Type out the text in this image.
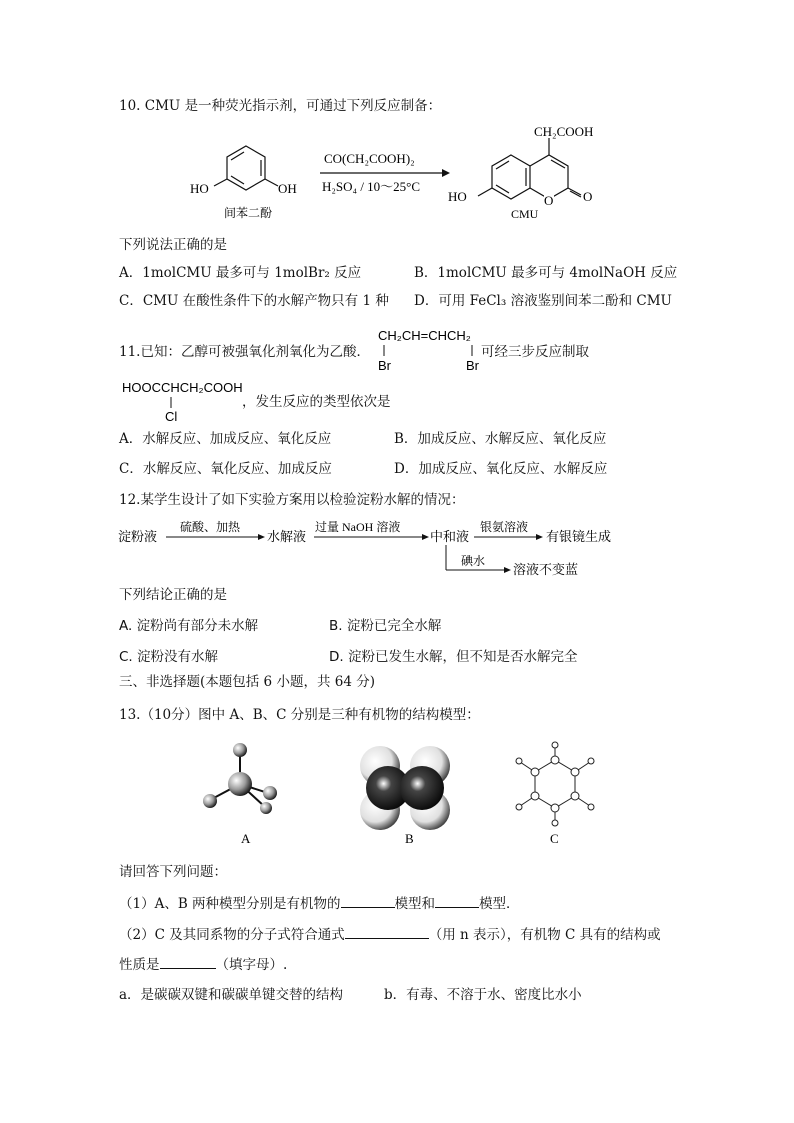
10. CMU 是一种荧光指示剂，可通过下列反应制备：
HO	OH
间苯二酚
CO(CH₂COOH)₂
H₂SO₄ / 10～25°C
CH₂COOH
HO	O O
CMU
下列说法正确的是
A．1molCMU 最多可与 1molBr₂ 反应	B．1molCMU 最多可与 4molNaOH 反应
C．CMU 在酸性条件下的水解产物只有 1 种 D．可用 FeCl₃ 溶液鉴别间苯二酚和 CMU
11.已知：乙醇可被强氧化剂氧化为乙酸．
CH₂CH=CHCH₂
Br	Br
可经三步反应制取
HOOCCHCH₂COOH
Cl
，发生反应的类型依次是
A．水解反应、加成反应、氧化反应	B．加成反应、水解反应、氧化反应
C．水解反应、氧化反应、加成反应	D．加成反应、氧化反应、水解反应
12.某学生设计了如下实验方案用以检验淀粉水解的情况：
淀粉液
硫酸、加热
水解液
过量 NaOH 溶液
中和液
银氨溶液
有银镜生成
碘水
溶液不变蓝
下列结论正确的是
A. 淀粉尚有部分未水解	B. 淀粉已完全水解
C. 淀粉没有水解	D. 淀粉已发生水解，但不知是否水解完全
三、非选择题(本题包括 6 小题，共 64 分)
13.（10分）图中 A、B、C 分别是三种有机物的结构模型：
A	B	C
请回答下列问题：
（1）A、B 两种模型分别是有机物的	模型和	模型．
（2）C 及其同系物的分子式符合通式	（用 n 表示），有机物 C 具有的结构或
性质是	（填字母）.
a．是碳碳双键和碳碳单键交替的结构	b．有毒、不溶于水、密度比水小
